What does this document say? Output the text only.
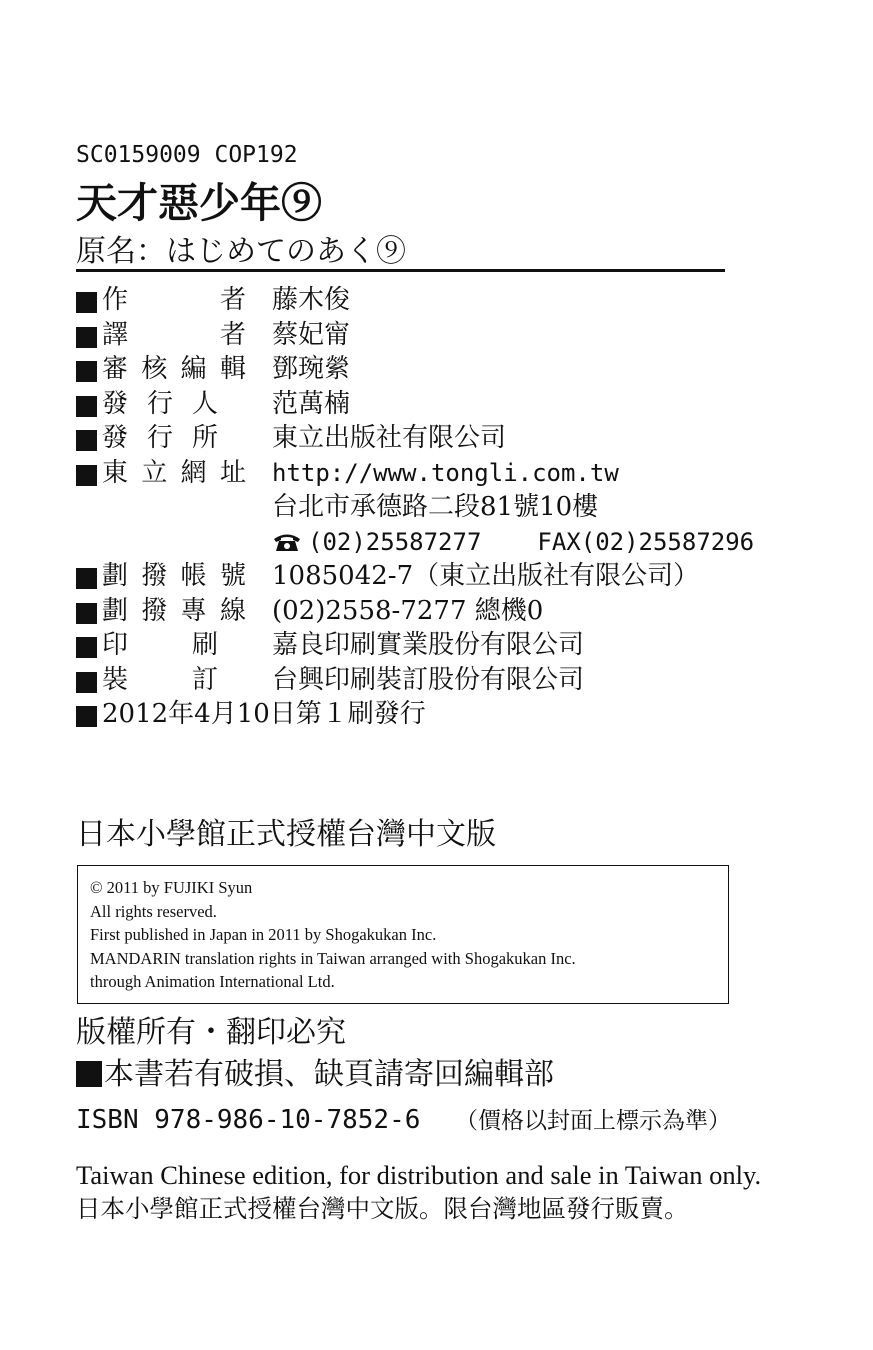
SC0159009 COP192
天才惡少年⑨
原名：はじめてのあく⑨
作　者 藤木俊
譯　者 蔡妃甯
審核編輯 鄧琬縈
發行人 范萬楠
發行所 東立出版社有限公司
東立網址 http://www.tongli.com.tw
台北市承德路二段81號10樓
(02)25587277 FAX(02)25587296
劃撥帳號 1085042-7（東立出版社有限公司）
劃撥專線 (02)2558-7277 總機0
印　刷 嘉良印刷實業股份有限公司
裝　訂 台興印刷裝訂股份有限公司
2012年4月10日第１刷發行
日本小學館正式授權台灣中文版
© 2011 by FUJIKI Syun
All rights reserved.
First published in Japan in 2011 by Shogakukan Inc.
MANDARIN translation rights in Taiwan arranged with Shogakukan Inc.
through Animation International Ltd.
版權所有・翻印必究
本書若有破損、缺頁請寄回編輯部
ISBN 978-986-10-7852-6 （價格以封面上標示為準）
Taiwan Chinese edition, for distribution and sale in Taiwan only.
日本小學館正式授權台灣中文版。限台灣地區發行販賣。
